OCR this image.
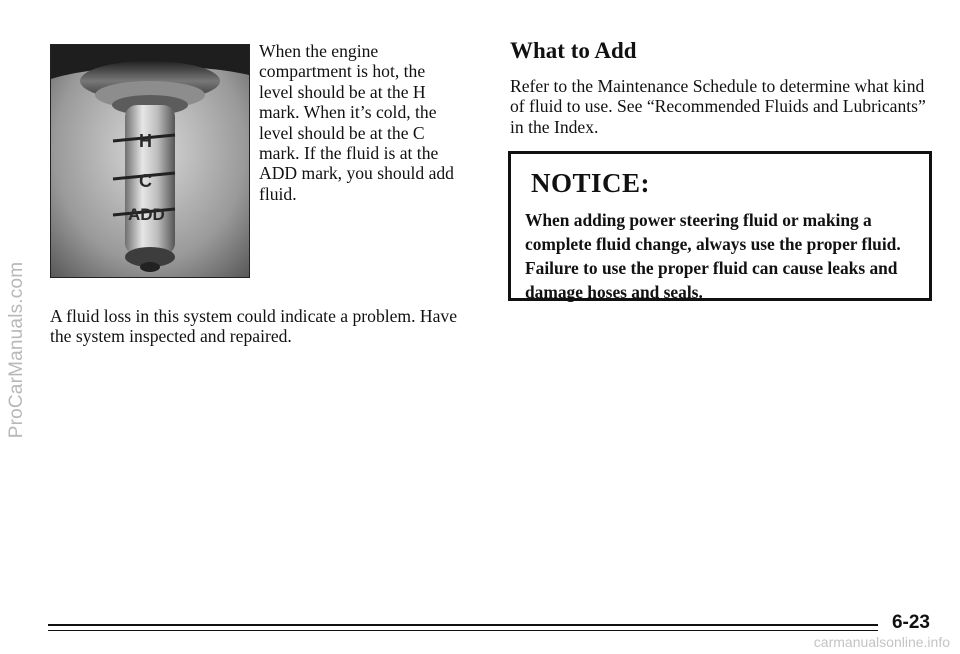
ProCarManuals.com
H
C
ADD

When the engine compartment is hot, the level should be at the H mark. When it’s cold, the level should be at the C mark. If the fluid is at the ADD mark, you should add fluid.

A fluid loss in this system could indicate a problem. Have the system inspected and repaired.

What to Add

Refer to the Maintenance Schedule to determine what kind of fluid to use. See “Recommended Fluids and Lubricants” in the Index.

NOTICE:

When adding power steering fluid or making a complete fluid change, always use the proper fluid. Failure to use the proper fluid can cause leaks and damage hoses and seals.

6-23
carmanualsonline.info
